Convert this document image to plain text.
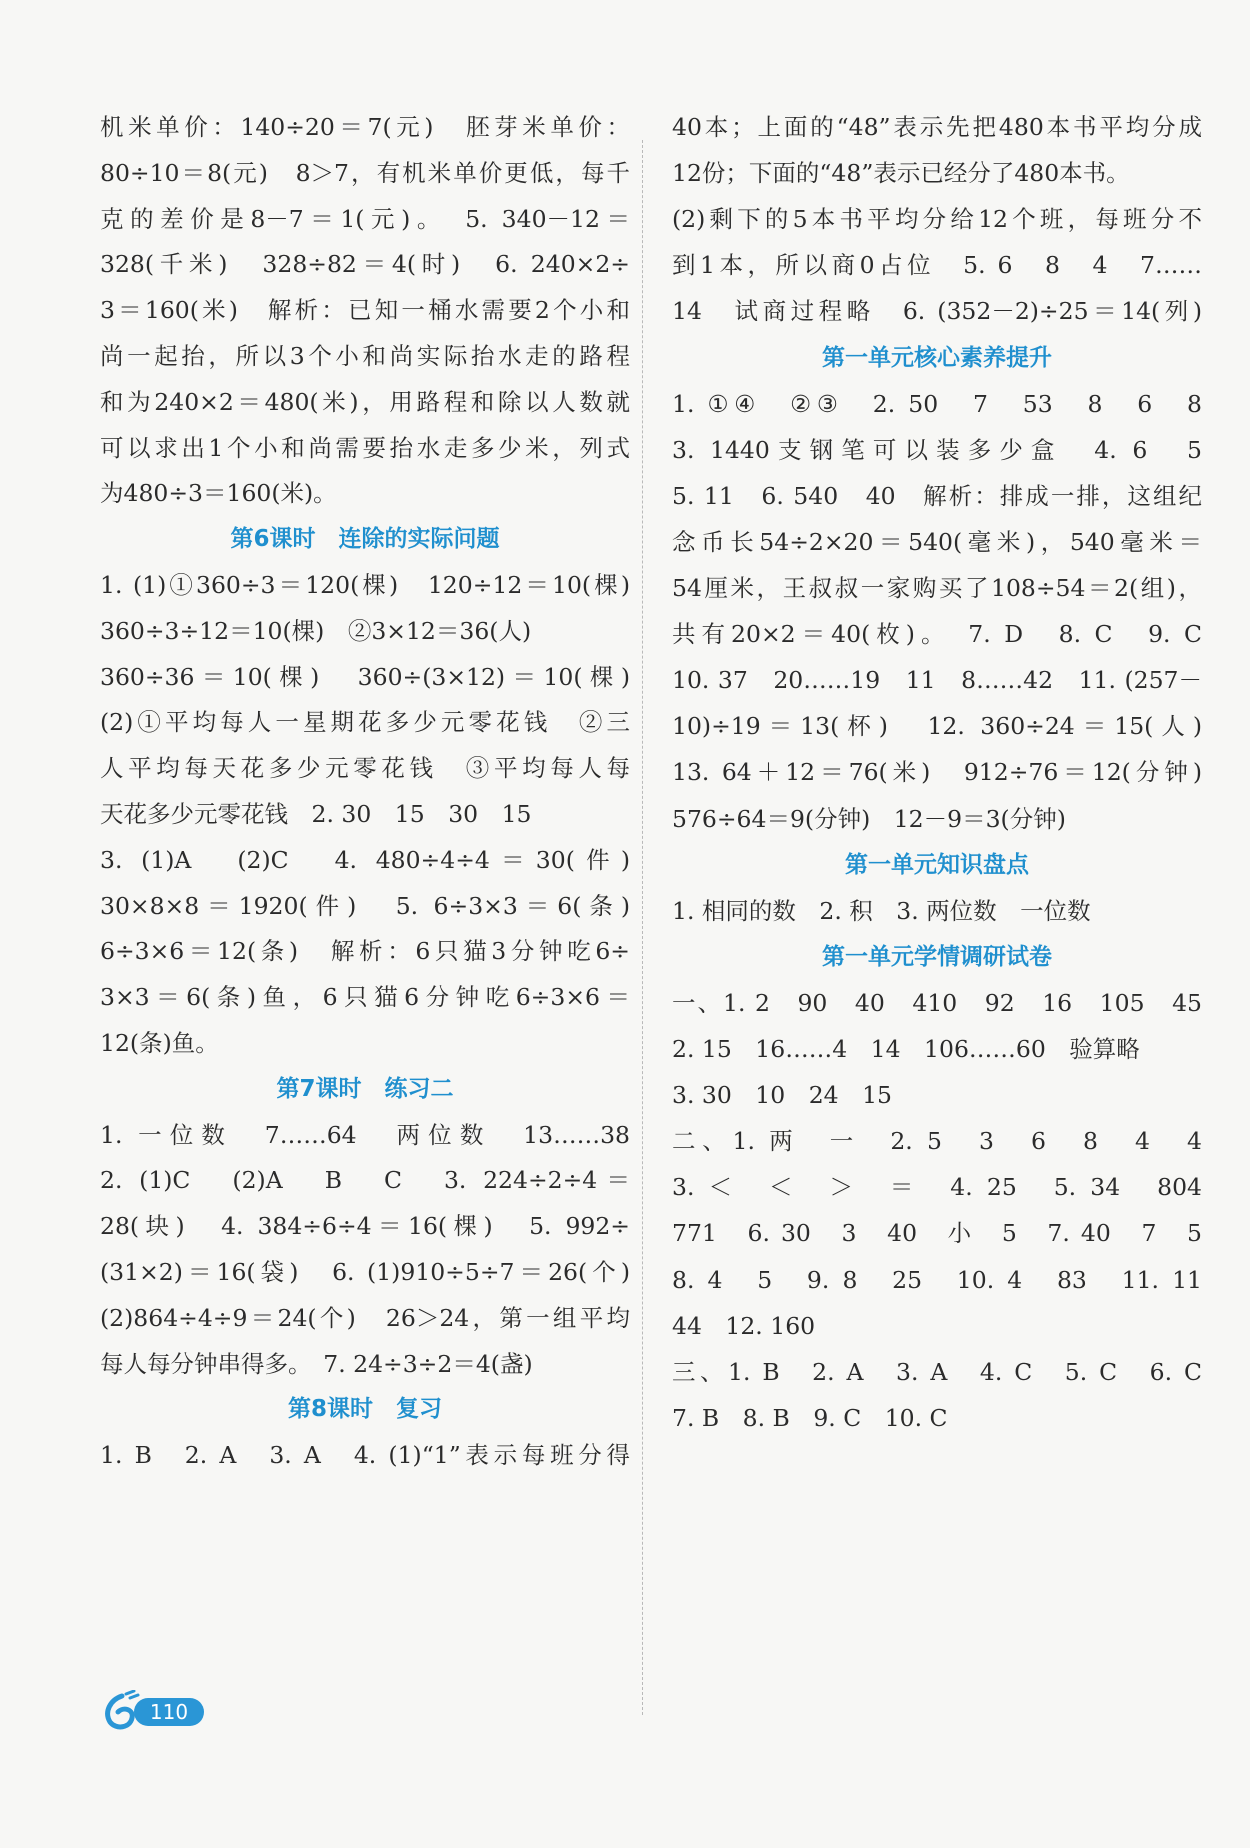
机米单价：140÷20＝7(元)　胚芽米单价：
80÷10＝8(元)　8＞7，有机米单价更低，每千
克的差价是8－7＝1(元)。　5. 340－12＝
328(千米)　328÷82＝4(时)　6. 240×2÷
3＝160(米)　解析：已知一桶水需要2个小和
尚一起抬，所以3个小和尚实际抬水走的路程
和为240×2＝480(米)，用路程和除以人数就
可以求出1个小和尚需要抬水走多少米，列式
为480÷3＝160(米)。
第6课时　连除的实际问题
1. (1)①360÷3＝120(棵)　120÷12＝10(棵)
360÷3÷12＝10(棵)　②3×12＝36(人)
360÷36＝10(棵)　360÷(3×12)＝10(棵)
(2)①平均每人一星期花多少元零花钱　②三
人平均每天花多少元零花钱　③平均每人每
天花多少元零花钱　2. 30　15　30　15
3. (1)A　(2)C　4. 480÷4÷4＝30(件)
30×8×8＝1920(件)　5. 6÷3×3＝6(条)
6÷3×6＝12(条)　解析：6只猫3分钟吃6÷
3×3＝6(条)鱼，6只猫6分钟吃6÷3×6＝
12(条)鱼。
第7课时　练习二
1. 一位数　7……64　两位数　13……38
2. (1)C　(2)A　B　C　3. 224÷2÷4＝
28(块)　4. 384÷6÷4＝16(棵)　5. 992÷
(31×2)＝16(袋)　6. (1)910÷5÷7＝26(个)
(2)864÷4÷9＝24(个)　26＞24，第一组平均
每人每分钟串得多。　7. 24÷3÷2＝4(盏)
第8课时　复习
1. B　2. A　3. A　4. (1)“1”表示每班分得
40本；上面的“48”表示先把480本书平均分成
12份；下面的“48”表示已经分了480本书。
(2)剩下的5本书平均分给12个班，每班分不
到1本，所以商0占位　5. 6　8　4　7……
14　试商过程略　6. (352－2)÷25＝14(列)
第一单元核心素养提升
1. ①④　②③　2. 50　7　53　8　6　8
3. 1440支钢笔可以装多少盒　4. 6　5
5. 11　6. 540　40　解析：排成一排，这组纪
念币长54÷2×20＝540(毫米)，540毫米＝
54厘米，王叔叔一家购买了108÷54＝2(组)，
共有20×2＝40(枚)。　7. D　8. C　9. C
10. 37　20……19　11　8……42　11. (257－
10)÷19＝13(杯)　12. 360÷24＝15(人)
13. 64＋12＝76(米)　912÷76＝12(分钟)
576÷64＝9(分钟)　12－9＝3(分钟)
第一单元知识盘点
1. 相同的数　2. 积　3. 两位数　一位数
第一单元学情调研试卷
一、1. 2　90　40　410　92　16　105　45
2. 15　16……4　14　106……60　验算略
3. 30　10　24　15
二、1. 两　一　2. 5　3　6　8　4　4
3. ＜　＜　＞　＝　4. 25　5. 34　804
771　6. 30　3　40　小　5　7. 40　7　5
8. 4　5　9. 8　25　10. 4　83　11. 11
44　12. 160
三、1. B　2. A　3. A　4. C　5. C　6. C
7. B　8. B　9. C　10. C
110
